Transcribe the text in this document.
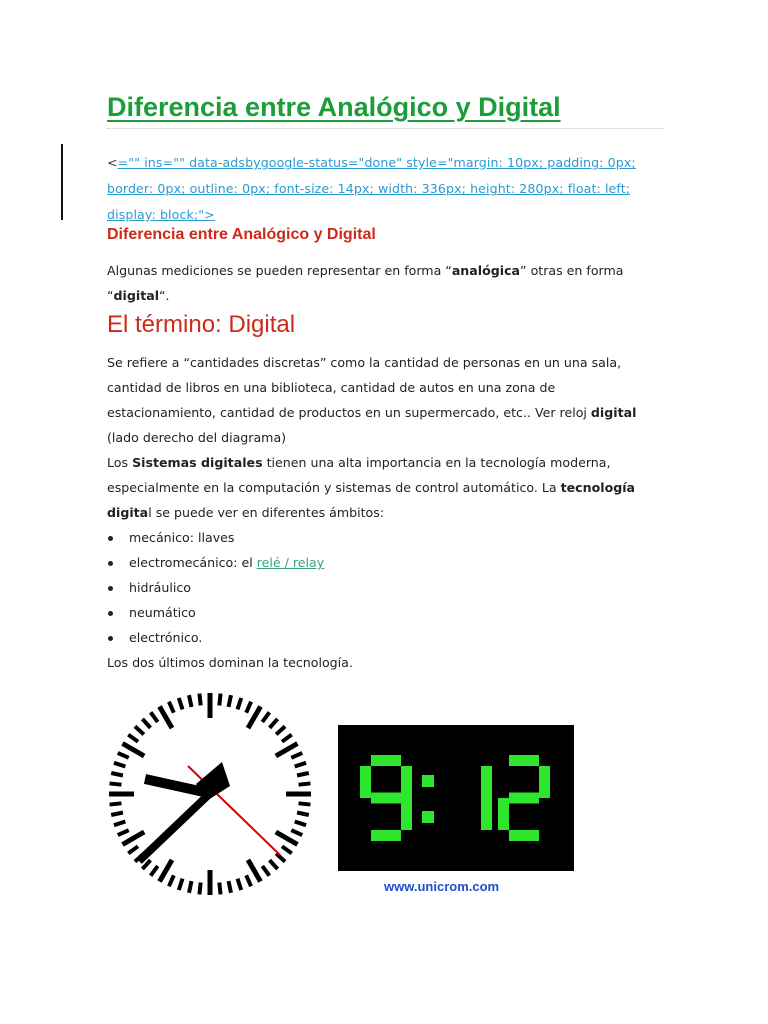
Diferencia entre Analógico y Digital
<="" ins="" data-adsbygoogle-status="done" style="margin: 10px; padding: 0px; border: 0px; outline: 0px; font-size: 14px; width: 336px; height: 280px; float: left; display: block;">
Diferencia entre Analógico y Digital
Algunas mediciones se pueden representar en forma “analógica” otras en forma “digital“.
El término: Digital

Se refiere a “cantidades discretas” como la cantidad de personas en un una sala, cantidad de libros en una biblioteca, cantidad de autos en una zona de estacionamiento, cantidad de productos en un supermercado, etc.. Ver reloj digital (lado derecho del diagrama)

Los Sistemas digitales tienen una alta importancia en la tecnología moderna, especialmente en la computación y sistemas de control automático. La tecnología digital se puede ver en diferentes ámbitos:

mecánico: llaves
electromecánico: el relé / relay
hidráulico
neumático
electrónico.

Los dos últimos dominan la tecnología.

www.unicrom.com
